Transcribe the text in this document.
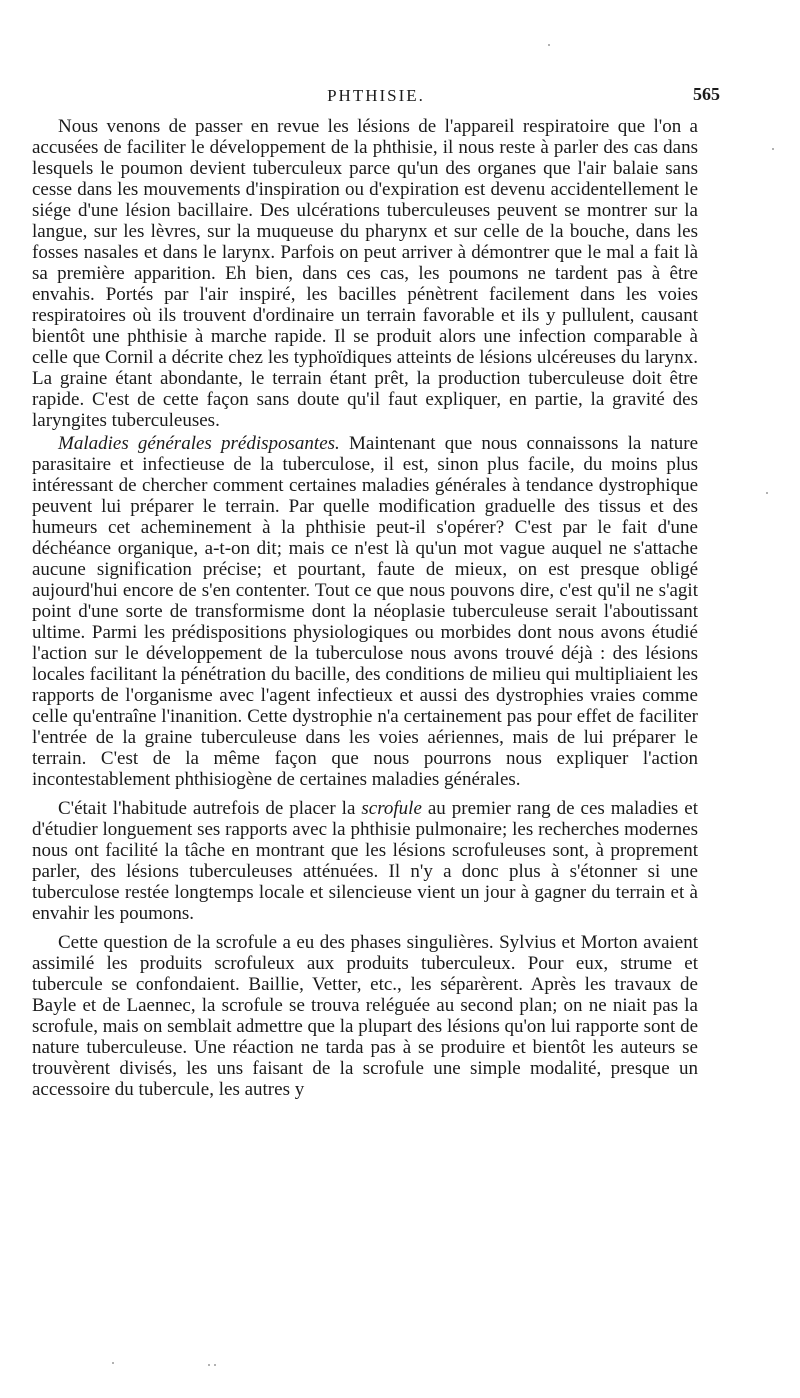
PHTHISIE.	565

Nous venons de passer en revue les lésions de l'appareil respiratoire que l'on a accusées de faciliter le développement de la phthisie, il nous reste à parler des cas dans lesquels le poumon devient tuberculeux parce qu'un des organes que l'air balaie sans cesse dans les mouvements d'inspiration ou d'expiration est devenu accidentellement le siége d'une lésion bacillaire. Des ulcérations tuberculeuses peuvent se montrer sur la langue, sur les lèvres, sur la muqueuse du pharynx et sur celle de la bouche, dans les fosses nasales et dans le larynx. Parfois on peut arriver à démontrer que le mal a fait là sa première apparition. Eh bien, dans ces cas, les poumons ne tardent pas à être envahis. Portés par l'air inspiré, les bacilles pénètrent facilement dans les voies respiratoires où ils trouvent d'ordinaire un terrain favorable et ils y pullulent, causant bientôt une phthisie à marche rapide. Il se produit alors une infection comparable à celle que Cornil a décrite chez les typhoïdiques atteints de lésions ulcéreuses du larynx. La graine étant abondante, le terrain étant prêt, la production tuberculeuse doit être rapide. C'est de cette façon sans doute qu'il faut expliquer, en partie, la gravité des laryngites tuberculeuses.

Maladies générales prédisposantes. Maintenant que nous connaissons la nature parasitaire et infectieuse de la tuberculose, il est, sinon plus facile, du moins plus intéressant de chercher comment certaines maladies générales à tendance dystrophique peuvent lui préparer le terrain. Par quelle modification graduelle des tissus et des humeurs cet acheminement à la phthisie peut-il s'opérer? C'est par le fait d'une déchéance organique, a-t-on dit; mais ce n'est là qu'un mot vague auquel ne s'attache aucune signification précise; et pourtant, faute de mieux, on est presque obligé aujourd'hui encore de s'en contenter. Tout ce que nous pouvons dire, c'est qu'il ne s'agit point d'une sorte de transformisme dont la néoplasie tuberculeuse serait l'aboutissant ultime. Parmi les prédispositions physiologiques ou morbides dont nous avons étudié l'action sur le développement de la tuberculose nous avons trouvé déjà : des lésions locales facilitant la pénétration du bacille, des conditions de milieu qui multipliaient les rapports de l'organisme avec l'agent infectieux et aussi des dystrophies vraies comme celle qu'entraîne l'inanition. Cette dystrophie n'a certainement pas pour effet de faciliter l'entrée de la graine tuberculeuse dans les voies aériennes, mais de lui préparer le terrain. C'est de la même façon que nous pourrons nous expliquer l'action incontestablement phthisiogène de certaines maladies générales.

C'était l'habitude autrefois de placer la scrofule au premier rang de ces maladies et d'étudier longuement ses rapports avec la phthisie pulmonaire; les recherches modernes nous ont facilité la tâche en montrant que les lésions scrofuleuses sont, à proprement parler, des lésions tuberculeuses atténuées. Il n'y a donc plus à s'étonner si une tuberculose restée longtemps locale et silencieuse vient un jour à gagner du terrain et à envahir les poumons.

Cette question de la scrofule a eu des phases singulières. Sylvius et Morton avaient assimilé les produits scrofuleux aux produits tuberculeux. Pour eux, strume et tubercule se confondaient. Baillie, Vetter, etc., les séparèrent. Après les travaux de Bayle et de Laennec, la scrofule se trouva reléguée au second plan; on ne niait pas la scrofule, mais on semblait admettre que la plupart des lésions qu'on lui rapporte sont de nature tuberculeuse. Une réaction ne tarda pas à se produire et bientôt les auteurs se trouvèrent divisés, les uns faisant de la scrofule une simple modalité, presque un accessoire du tubercule, les autres y
